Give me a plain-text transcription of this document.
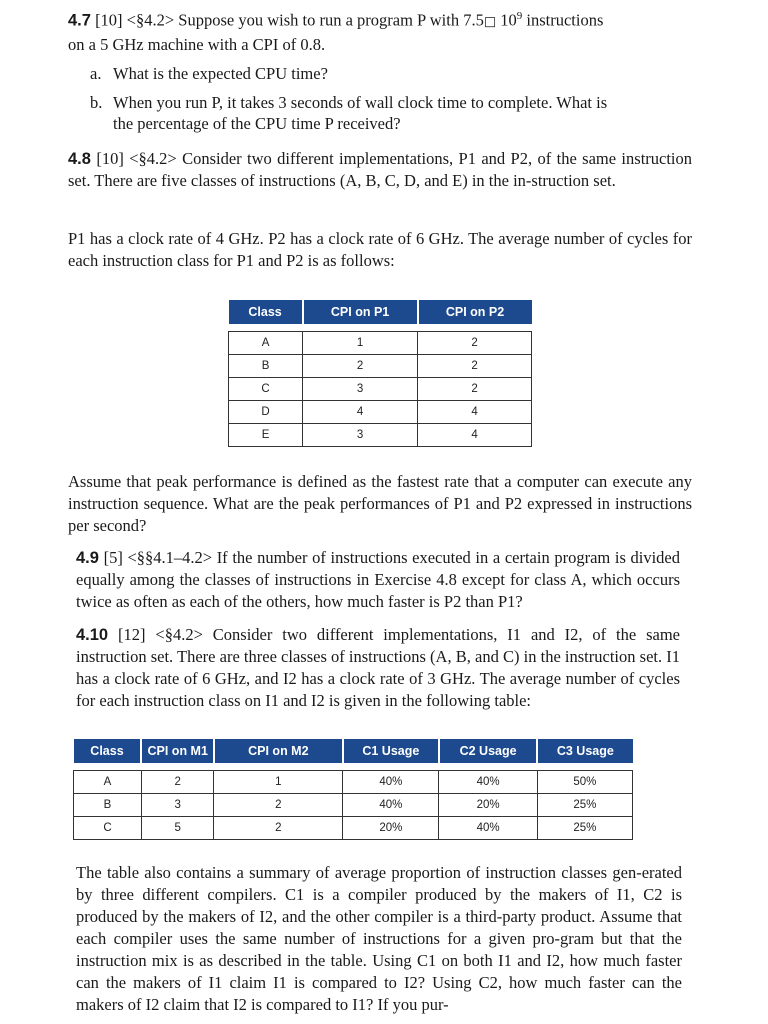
4.7 [10] <§4.2> Suppose you wish to run a program P with 7.5□ $10^9$ instructions
on a 5 GHz machine with a CPI of 0.8.

a. What is the expected CPU time?

b. When you run P, it takes 3 seconds of wall clock time to complete. What is
the percentage of the CPU time P received?

4.8 [10] <§4.2> Consider two different implementations, P1 and P2, of the same instruction set. There are five classes of instructions (A, B, C, D, and E) in the in-struction set.

P1 has a clock rate of 4 GHz. P2 has a clock rate of 6 GHz. The average number of cycles for each instruction class for P1 and P2 is as follows:

Class	CPI on P1	CPI on P2

A	1	2
B	2	2
C	3	2
D	4	4
E	3	4

Assume that peak performance is defined as the fastest rate that a computer can execute any instruction sequence. What are the peak performances of P1 and P2 expressed in instructions per second?

4.9 [5] <§§4.1–4.2> If the number of instructions executed in a certain program is divided equally among the classes of instructions in Exercise 4.8 except for class A, which occurs twice as often as each of the others, how much faster is P2 than P1?

4.10 [12] <§4.2> Consider two different implementations, I1 and I2, of the same instruction set. There are three classes of instructions (A, B, and C) in the instruction set. I1 has a clock rate of 6 GHz, and I2 has a clock rate of 3 GHz. The average number of cycles for each instruction class on I1 and I2 is given in the following table:

Class	CPI on M1	CPI on M2	C1 Usage	C2 Usage	C3 Usage

A	2	1	40%	40%	50%
B	3	2	40%	20%	25%
C	5	2	20%	40%	25%

The table also contains a summary of average proportion of instruction classes gen-erated by three different compilers. C1 is a compiler produced by the makers of I1, C2 is produced by the makers of I2, and the other compiler is a third-party product. Assume that each compiler uses the same number of instructions for a given pro-gram but that the instruction mix is as described in the table. Using C1 on both I1 and I2, how much faster can the makers of I1 claim I1 is compared to I2? Using C2, how much faster can the makers of I2 claim that I2 is compared to I1? If you pur-
